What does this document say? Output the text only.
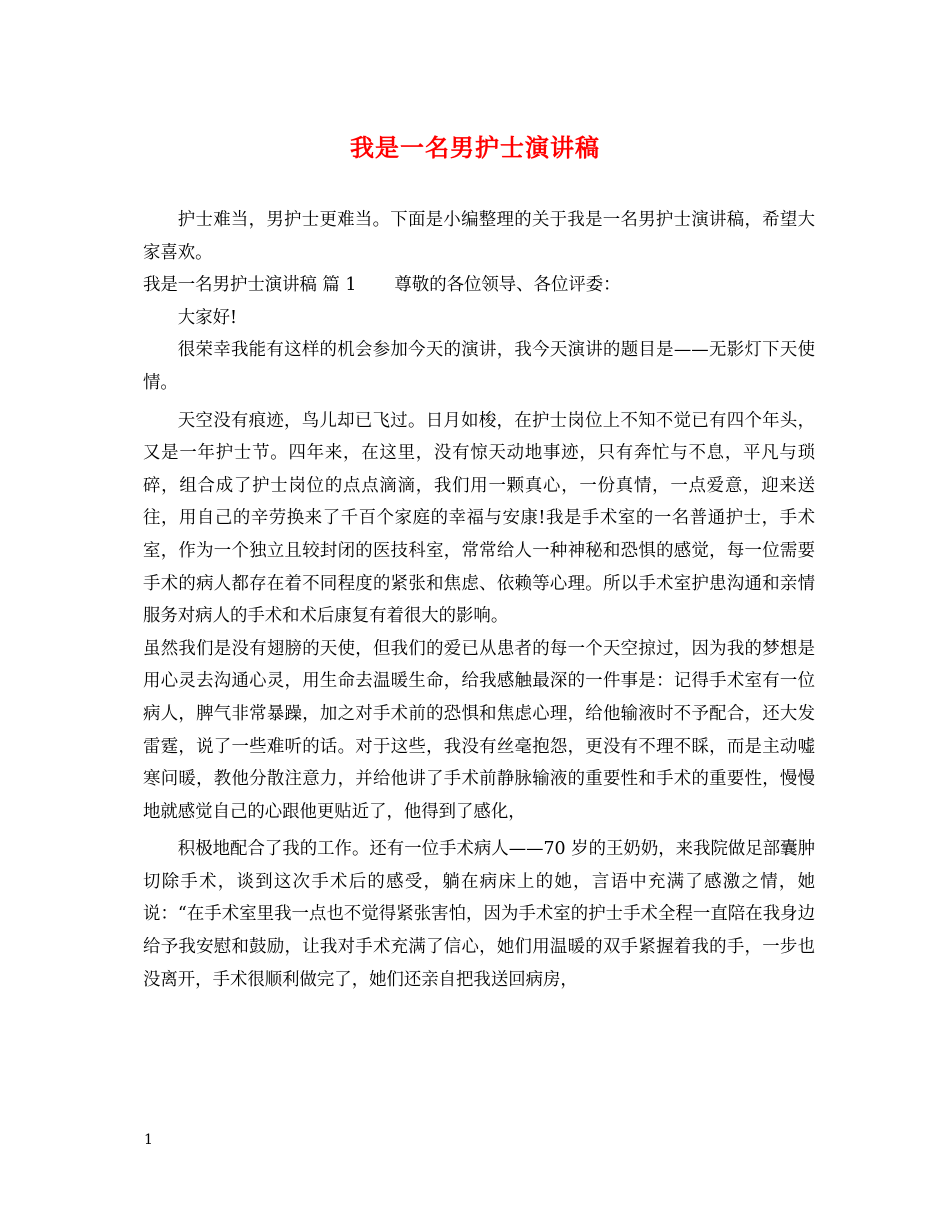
我是一名男护士演讲稿

护士难当，男护士更难当。下面是小编整理的关于我是一名男护士演讲稿，希望大家喜欢。

我是一名男护士演讲稿 篇 1 尊敬的各位领导、各位评委：

大家好!

很荣幸我能有这样的机会参加今天的演讲，我今天演讲的题目是——无影灯下天使情。

天空没有痕迹，鸟儿却已飞过。日月如梭，在护士岗位上不知不觉已有四个年头，又是一年护士节。四年来，在这里，没有惊天动地事迹，只有奔忙与不息，平凡与琐碎，组合成了护士岗位的点点滴滴，我们用一颗真心，一份真情，一点爱意，迎来送往，用自己的辛劳换来了千百个家庭的幸福与安康!我是手术室的一名普通护士，手术室，作为一个独立且较封闭的医技科室，常常给人一种神秘和恐惧的感觉，每一位需要手术的病人都存在着不同程度的紧张和焦虑、依赖等心理。所以手术室护患沟通和亲情服务对病人的手术和术后康复有着很大的影响。

虽然我们是没有翅膀的天使，但我们的爱已从患者的每一个天空掠过，因为我的梦想是用心灵去沟通心灵，用生命去温暖生命，给我感触最深的一件事是：记得手术室有一位病人，脾气非常暴躁，加之对手术前的恐惧和焦虑心理，给他输液时不予配合，还大发雷霆，说了一些难听的话。对于这些，我没有丝毫抱怨，更没有不理不睬，而是主动嘘寒问暖，教他分散注意力，并给他讲了手术前静脉输液的重要性和手术的重要性，慢慢地就感觉自己的心跟他更贴近了，他得到了感化，

积极地配合了我的工作。还有一位手术病人——70 岁的王奶奶，来我院做足部囊肿切除手术，谈到这次手术后的感受，躺在病床上的她，言语中充满了感激之情，她说：“在手术室里我一点也不觉得紧张害怕，因为手术室的护士手术全程一直陪在我身边给予我安慰和鼓励，让我对手术充满了信心，她们用温暖的双手紧握着我的手，一步也没离开，手术很顺利做完了，她们还亲自把我送回病房，

1
